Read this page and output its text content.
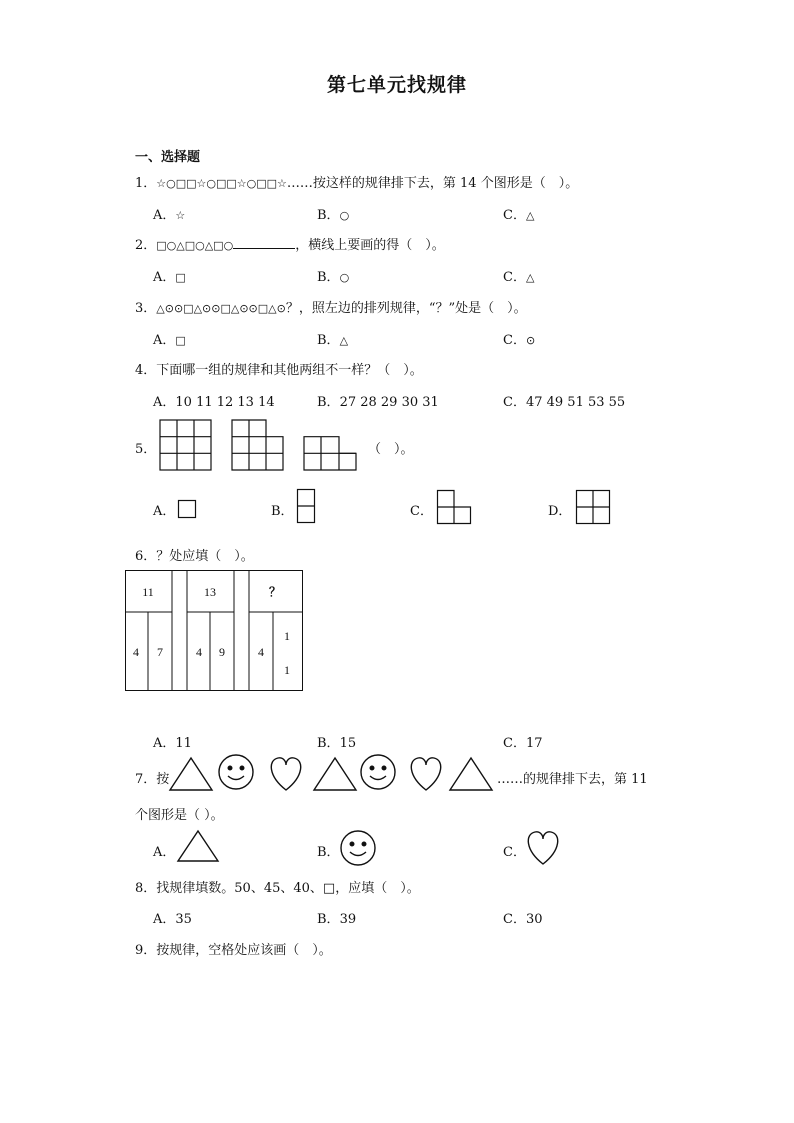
第七单元找规律
一、选择题
1．☆○□□☆○□□☆○□□☆……按这样的规律排下去，第 14 个图形是（　）。
A．☆	B．○	C．△
2．□○△□○△□○	，横线上要画的得（　）。
A．□	B．○	C．△
3．△⊙⊙□△⊙⊙□△⊙⊙□△⊙？，照左边的排列规律，“？”处是（　）。
A．□	B．△	C．⊙
4．下面哪一组的规律和其他两组不一样？（　）。
A．10 11 12 13 14	B．27 28 29 30 31	C．47 49 51 53 55
5．	（　）。
A．	B．	C．	D．
6．？处应填（　）。
11
4 7
13
4 9
？
4
1
1
A．11	B．15	C．17
7．按	……的规律排下去，第 11
个图形是（ ）。
A．	B．	C．
8．找规律填数。50、45、40、□，应填（　）。
A．35	B．39	C．30
9．按规律，空格处应该画（　）。
